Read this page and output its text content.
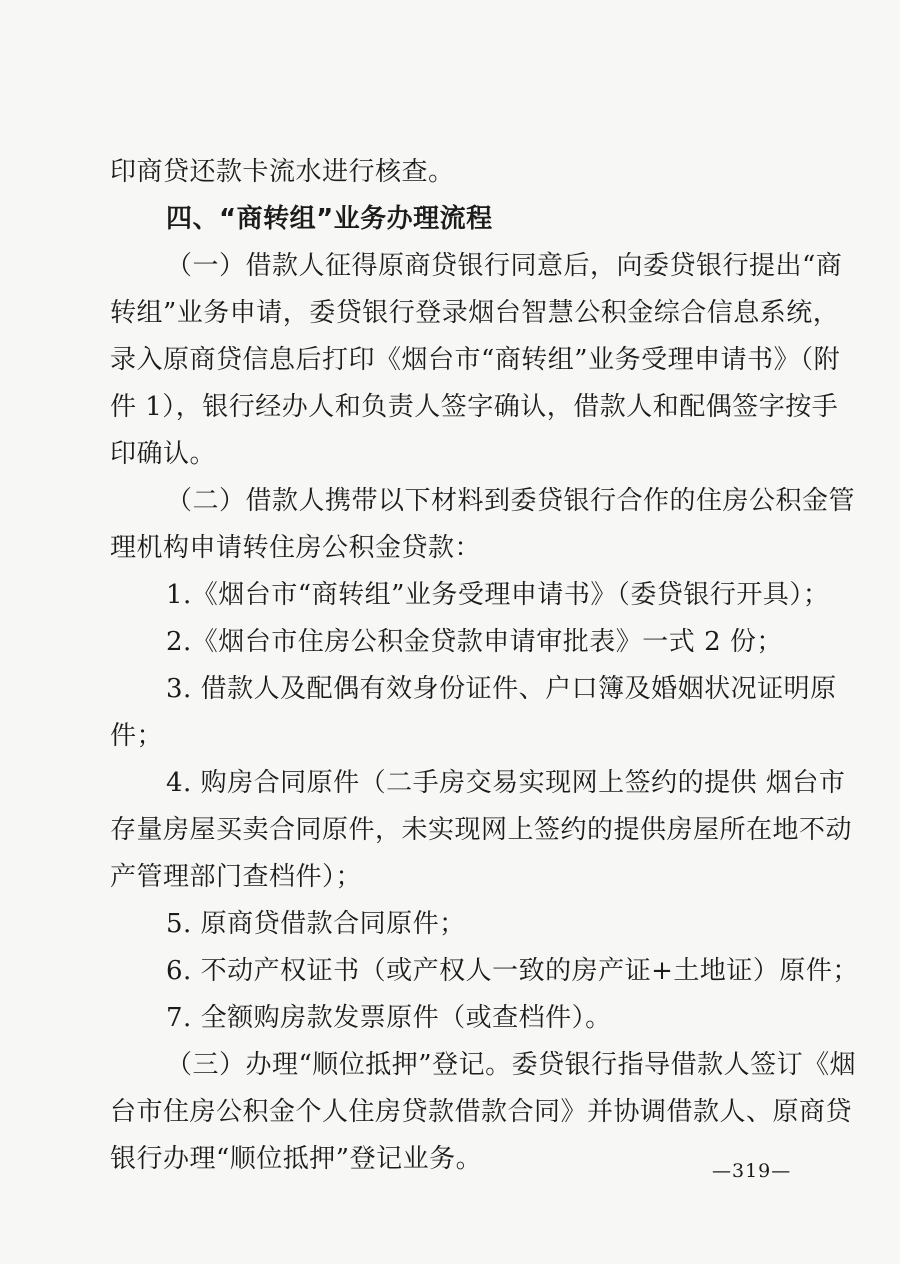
印商贷还款卡流水进行核查。
四、“商转组”业务办理流程
（一）借款人征得原商贷银行同意后，向委贷银行提出“商
转组”业务申请，委贷银行登录烟台智慧公积金综合信息系统，
录入原商贷信息后打印《烟台市“商转组”业务受理申请书》（附
件 1），银行经办人和负责人签字确认，借款人和配偶签字按手
印确认。
（二）借款人携带以下材料到委贷银行合作的住房公积金管
理机构申请转住房公积金贷款：
1.《烟台市“商转组”业务受理申请书》（委贷银行开具）；
2.《烟台市住房公积金贷款申请审批表》一式 2 份；
3. 借款人及配偶有效身份证件、户口簿及婚姻状况证明原
件；
4. 购房合同原件（二手房交易实现网上签约的提供 烟台市
存量房屋买卖合同原件，未实现网上签约的提供房屋所在地不动
产管理部门查档件）；
5. 原商贷借款合同原件；
6. 不动产权证书（或产权人一致的房产证+土地证）原件；
7. 全额购房款发票原件（或查档件）。
（三）办理“顺位抵押”登记。委贷银行指导借款人签订《烟
台市住房公积金个人住房贷款借款合同》并协调借款人、原商贷
银行办理“顺位抵押”登记业务。	—319—
